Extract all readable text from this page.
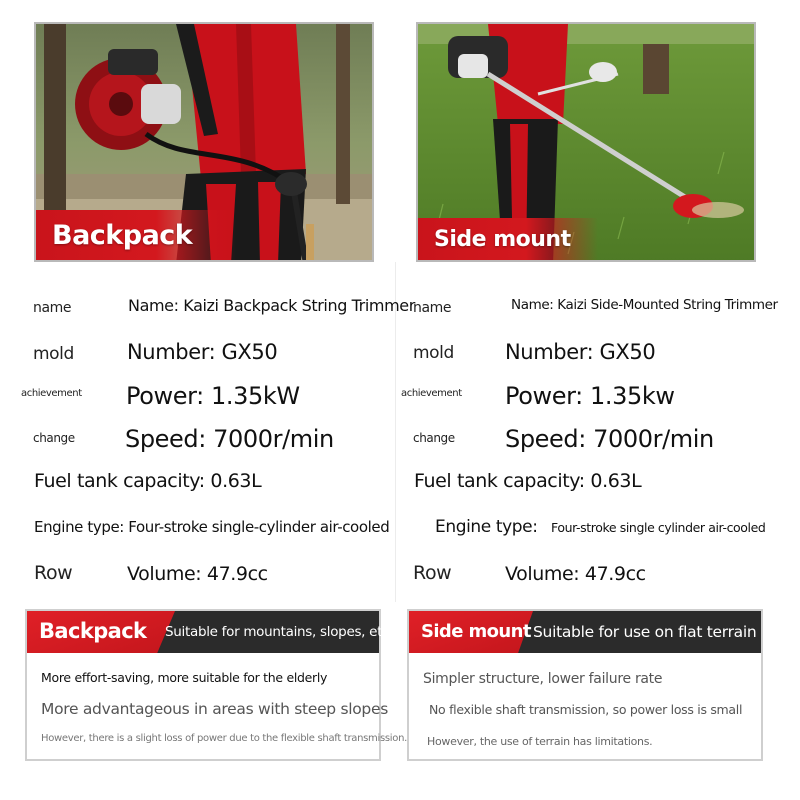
Backpack	Side mount
name	Name: Kaizi Backpack String Trimmer
mold	Number: GX50
achievement Power: 1.35kW
change Speed: 7000r/min
Fuel tank capacity: 0.63L
Engine type: Four-stroke single-cylinder air-cooled
Row	Volume: 47.9cc
name	Name: Kaizi Side-Mounted String Trimmer
mold Number: GX50
achievement Power: 1.35kw
change Speed: 7000r/min
Fuel tank capacity: 0.63L
Engine type: Four-stroke single cylinder air-cooled
Row	Volume: 47.9cc
Backpack Suitable for mountains, slopes, etc.
More effort-saving, more suitable for the elderly
More advantageous in areas with steep slopes
However, there is a slight loss of power due to the flexible shaft transmission.
Side mount Suitable for use on flat terrain
Simpler structure, lower failure rate
No flexible shaft transmission, so power loss is small
However, the use of terrain has limitations.
